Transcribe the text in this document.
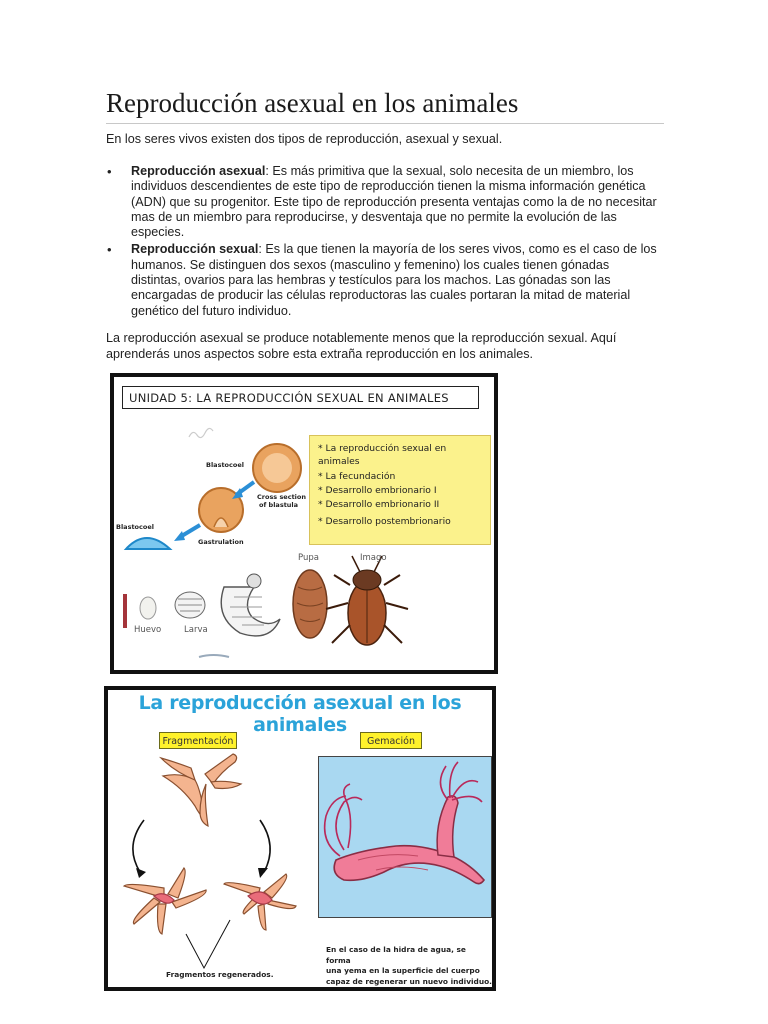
Reproducción asexual en los animales

En los seres vivos existen dos tipos de reproducción, asexual y sexual.

• Reproducción asexual: Es más primitiva que la sexual, solo necesita de un miembro, los individuos descendientes de este tipo de reproducción tienen la misma información genética (ADN) que su progenitor. Este tipo de reproducción presenta ventajas como la de no necesitar mas de un miembro para reproducirse, y desventaja que no permite la evolución de las especies.
• Reproducción sexual: Es la que tienen la mayoría de los seres vivos, como es el caso de los humanos. Se distinguen dos sexos (masculino y femenino) los cuales tienen gónadas distintas, ovarios para las hembras y testículos para los machos. Las gónadas son las encargadas de producir las células reproductoras las cuales portaran la mitad de material genético del futuro individuo.

La reproducción asexual se produce notablemente menos que la reproducción sexual. Aquí aprenderás unos aspectos sobre esta extraña reproducción en los animales.

UNIDAD 5: LA REPRODUCCIÓN SEXUAL EN ANIMALES
* La reproducción sexual en
animales
* La fecundación
* Desarrollo embrionario I
* Desarrollo embrionario II
* Desarrollo postembrionario
Blastocoel
Cross section
of blastula
Blastocoel
Gastrulation
Pupa	Imago
Huevo	Larva
La reproducción asexual en los animales
Fragmentación	Gemación
Fragmentos regenerados.
En el caso de la hidra de agua, se forma
una yema en la superficie del cuerpo
capaz de regenerar un nuevo individuo.
